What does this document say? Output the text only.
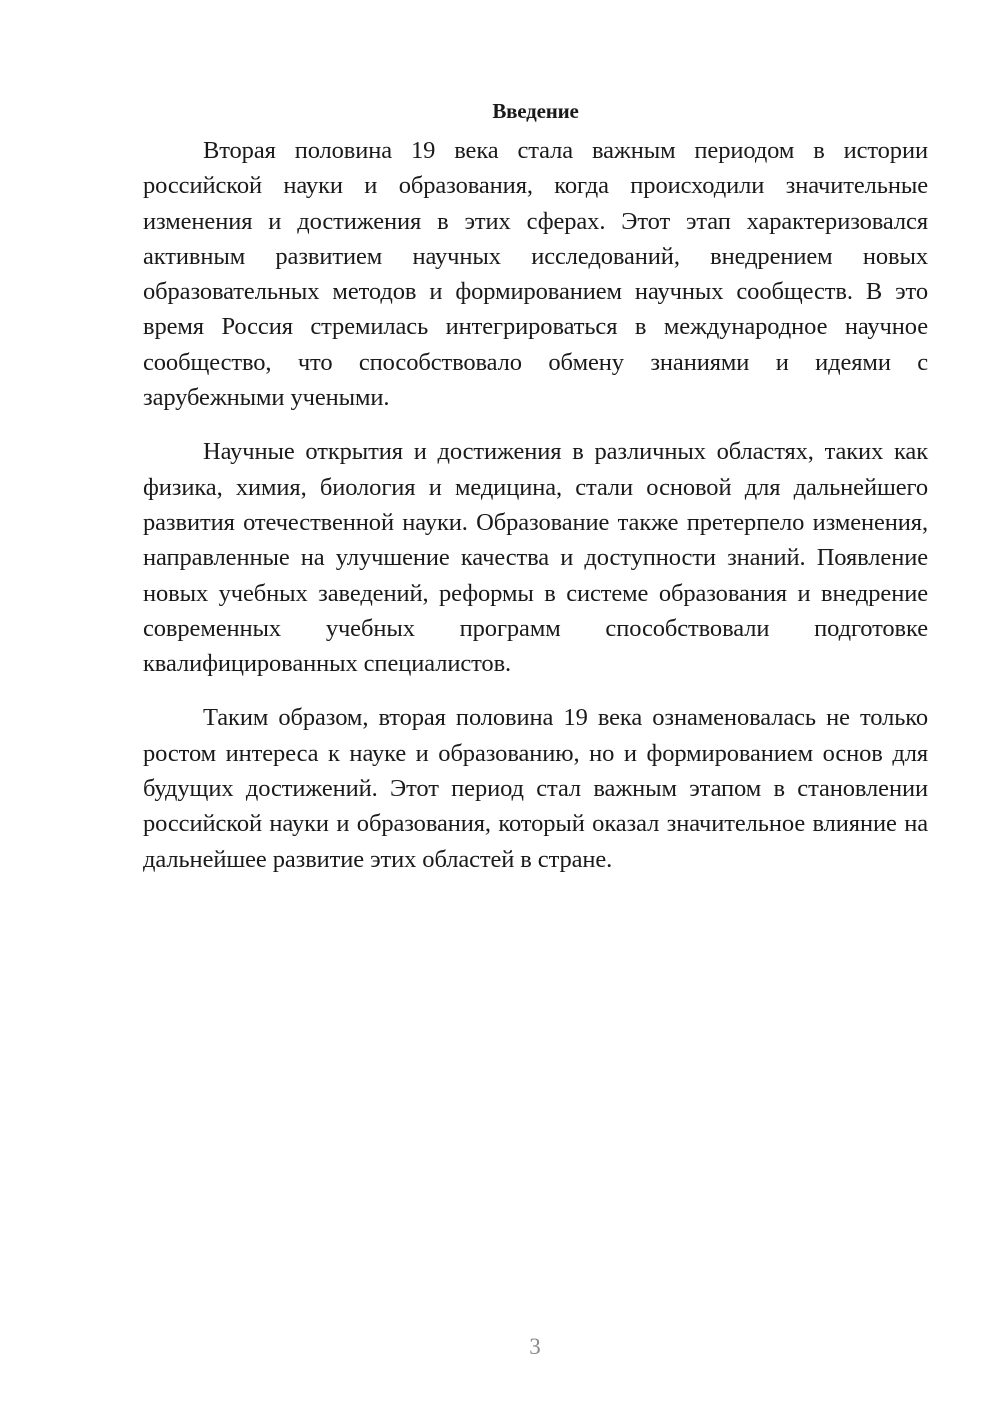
Введение

Вторая половина 19 века стала важным периодом в истории российской науки и образования, когда происходили значительные изменения и достижения в этих сферах. Этот этап характеризовался активным развитием научных исследований, внедрением новых образовательных методов и формированием научных сообществ. В это время Россия стремилась интегрироваться в международное научное сообщество, что способствовало обмену знаниями и идеями с зарубежными учеными.

Научные открытия и достижения в различных областях, таких как физика, химия, биология и медицина, стали основой для дальнейшего развития отечественной науки. Образование также претерпело изменения, направленные на улучшение качества и доступности знаний. Появление новых учебных заведений, реформы в системе образования и внедрение современных учебных программ способствовали подготовке квалифицированных специалистов.

Таким образом, вторая половина 19 века ознаменовалась не только ростом интереса к науке и образованию, но и формированием основ для будущих достижений. Этот период стал важным этапом в становлении российской науки и образования, который оказал значительное влияние на дальнейшее развитие этих областей в стране.

3
